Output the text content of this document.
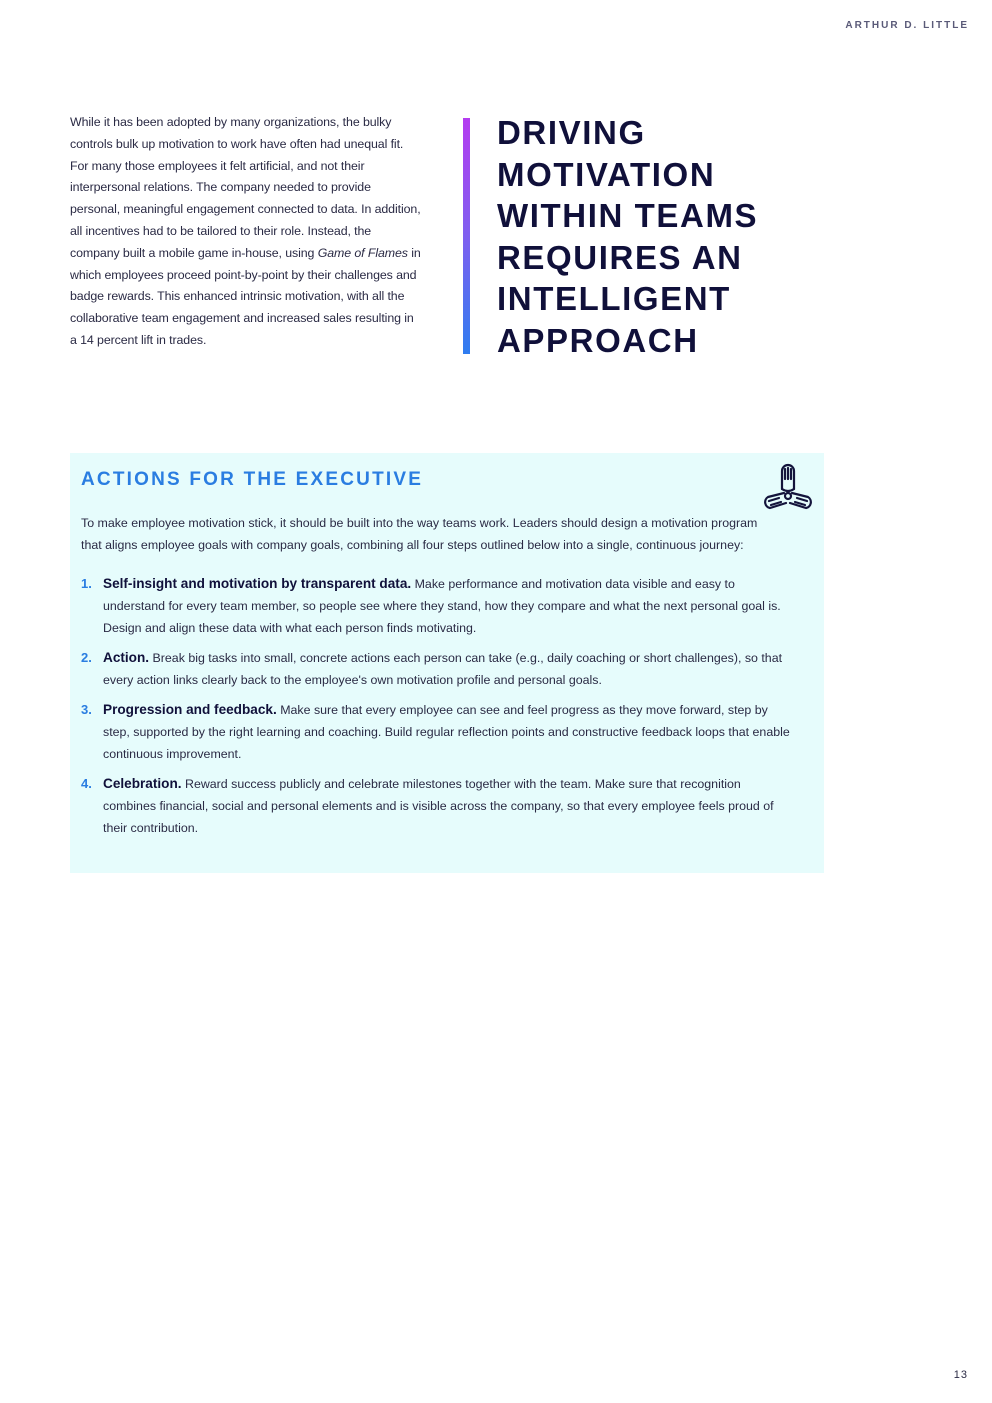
ARTHUR D. LITTLE
While it has been adopted by many organizations, the bulky controls bulk up motivation to work have often had unequal fit. For many those employees it felt artificial, and not their interpersonal relations. The company needed to provide personal, meaningful engagement connected to data. In addition, all incentives had to be tailored to their role. Instead, the company built a mobile game in-house, using Game of Flames in which employees proceed point-by-point by their challenges and badge rewards. This enhanced intrinsic motivation, with all the collaborative team engagement and increased sales resulting in a 14 percent lift in trades.
DRIVING
MOTIVATION
WITHIN TEAMS
REQUIRES AN
INTELLIGENT
APPROACH
ACTIONS FOR THE EXECUTIVE
To make employee motivation stick, it should be built into the way teams work. Leaders should design a motivation program that aligns employee goals with company goals, combining all four steps outlined below into a single, continuous journey:
1. Self-insight and motivation by transparent data. Make performance and motivation data visible and easy to understand for every team member, so people see where they stand, how they compare and what the next personal goal is. Design and align these data with what each person finds motivating.
2. Action. Break big tasks into small, concrete actions each person can take (e.g., daily coaching or short challenges), so that every action links clearly back to the employee's own motivation profile and personal goals.
3. Progression and feedback. Make sure that every employee can see and feel progress as they move forward, step by step, supported by the right learning and coaching. Build regular reflection points and constructive feedback loops that enable continuous improvement.
4. Celebration. Reward success publicly and celebrate milestones together with the team. Make sure that recognition combines financial, social and personal elements and is visible across the company, so that every employee feels proud of their contribution.
13
